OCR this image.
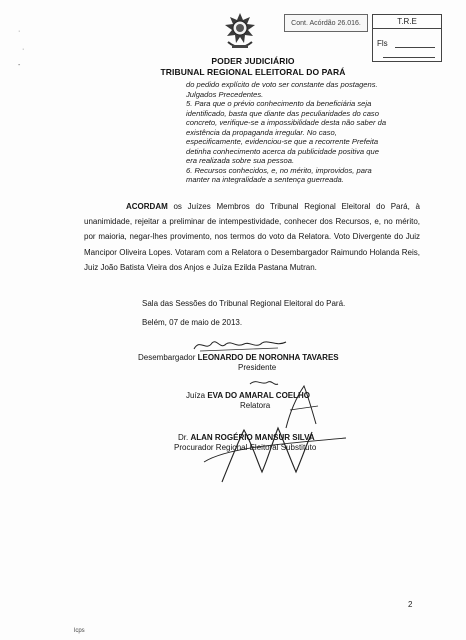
·
·
-
Cont. Acórdão 26.016.	T.R.E
Fls
PODER JUDICIÁRIO
TRIBUNAL REGIONAL ELEITORAL DO PARÁ

do pedido explícito de voto ser constante das postagens.

Julgados Precedentes.

5. Para que o prévio conhecimento da beneficiária seja

identificado, basta que diante das peculiaridades do caso

concreto, verifique-se a impossibilidade desta não saber da

existência da propaganda irregular. No caso,

especificamente, evidenciou-se que a recorrente Prefeita

detinha conhecimento acerca da publicidade positiva que

era realizada sobre sua pessoa.

6. Recursos conhecidos, e, no mérito, improvidos, para

manter na integralidade a sentença guerreada.

ACORDAM os Juízes Membros do Tribunal Regional Eleitoral do Pará, à unanimidade, rejeitar a preliminar de intempestividade, conhecer dos Recursos, e, no mérito, por maioria, negar-lhes provimento, nos termos do voto da Relatora. Voto Divergente do Juiz Mancipor Oliveira Lopes. Votaram com a Relatora o Desembargador Raimundo Holanda Reis, Juiz João Batista Vieira dos Anjos e Juíza Ezilda Pastana Mutran.
Sala das Sessões do Tribunal Regional Eleitoral do Pará.
Belém, 07 de maio de 2013.
Desembargador LEONARDO DE NORONHA TAVARES
Presidente
Juíza EVA DO AMARAL COELHO
Relatora
Dr. ALAN ROGÉRIO MANSUR SILVA
Procurador Regional Eleitoral Substituto
2
lcps
